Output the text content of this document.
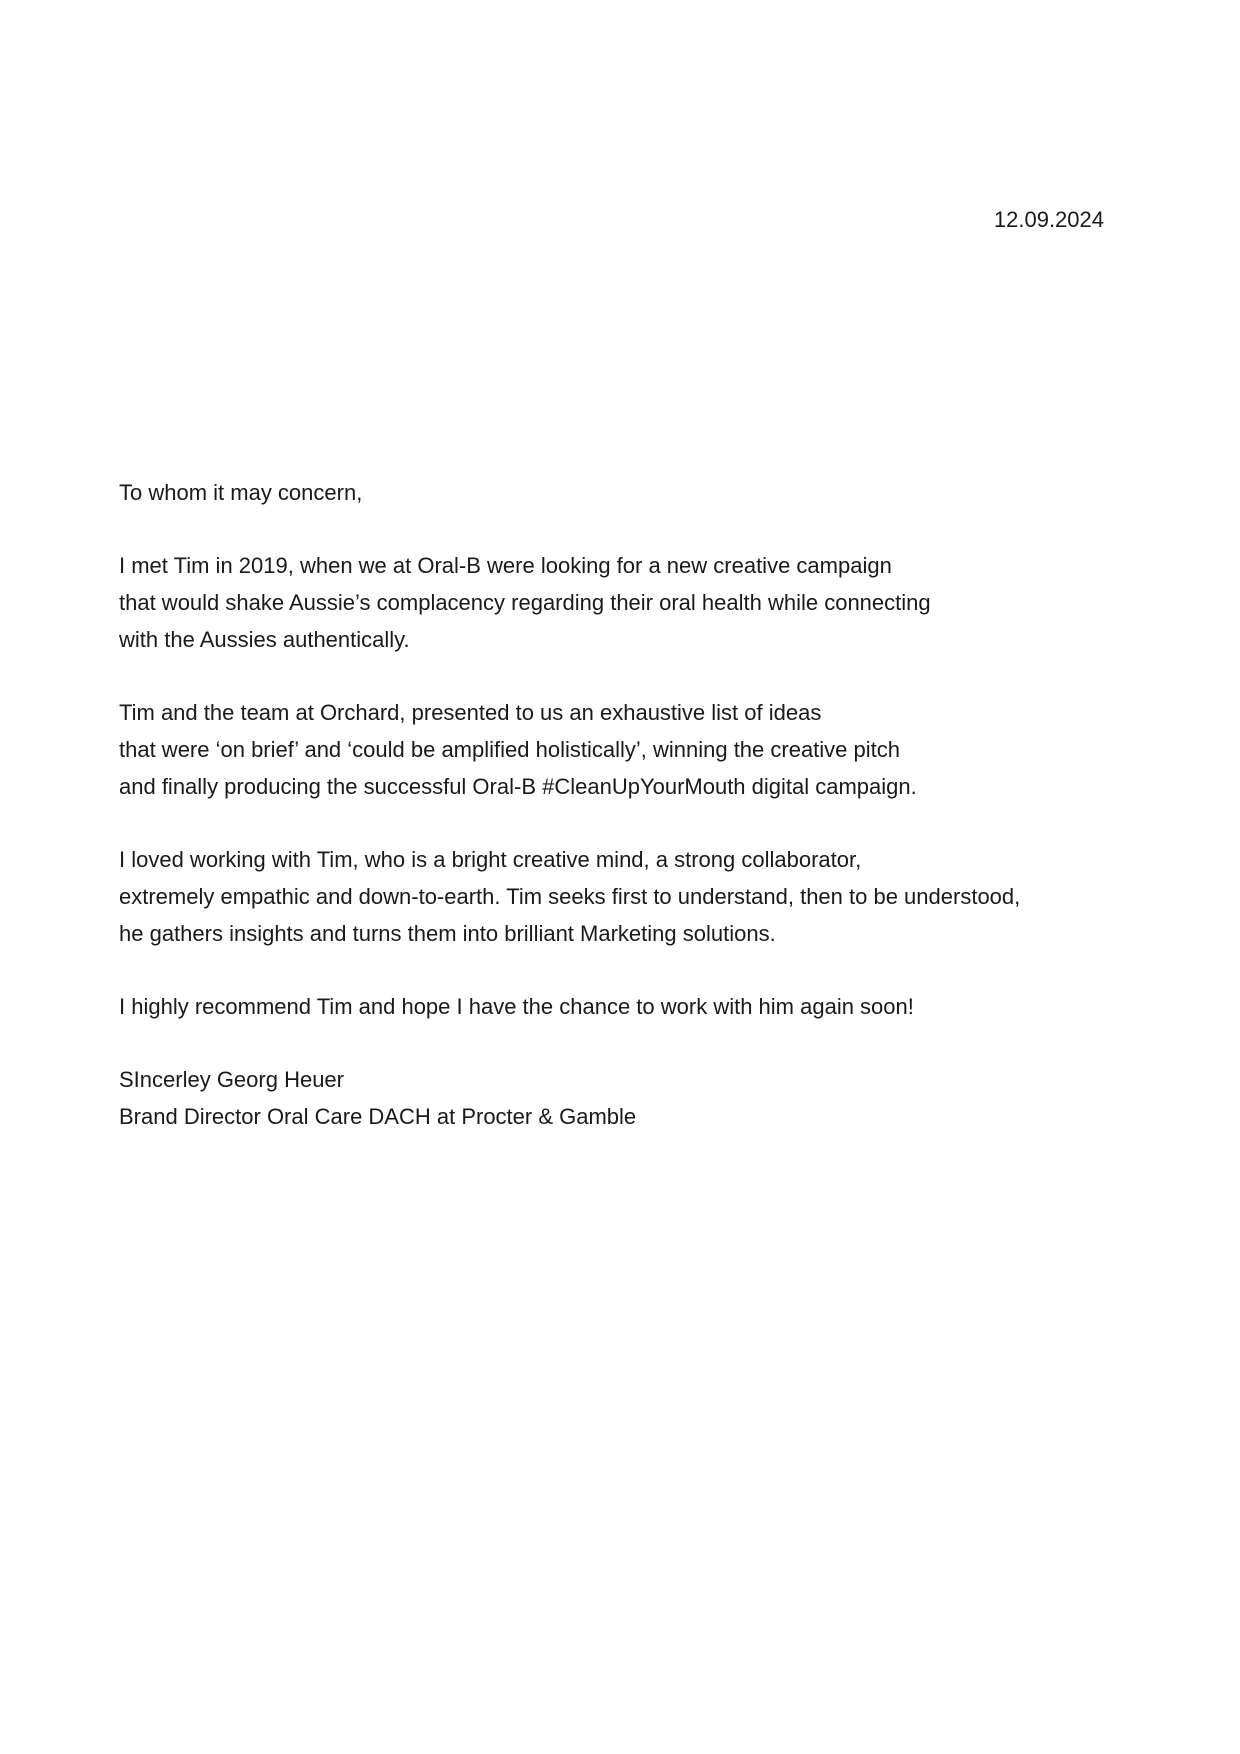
12.09.2024

To whom it may concern,

I met Tim in 2019, when we at Oral-B were looking for a new creative campaign
that would shake Aussie’s complacency regarding their oral health while connecting
with the Aussies authentically.

Tim and the team at Orchard, presented to us an exhaustive list of ideas
that were ‘on brief’ and ‘could be amplified holistically’, winning the creative pitch
and finally producing the successful Oral-B #CleanUpYourMouth digital campaign.

I loved working with Tim, who is a bright creative mind, a strong collaborator,
extremely empathic and down-to-earth. Tim seeks first to understand, then to be understood,
he gathers insights and turns them into brilliant Marketing solutions.

I highly recommend Tim and hope I have the chance to work with him again soon!

SIncerley Georg Heuer
Brand Director Oral Care DACH at Procter & Gamble
